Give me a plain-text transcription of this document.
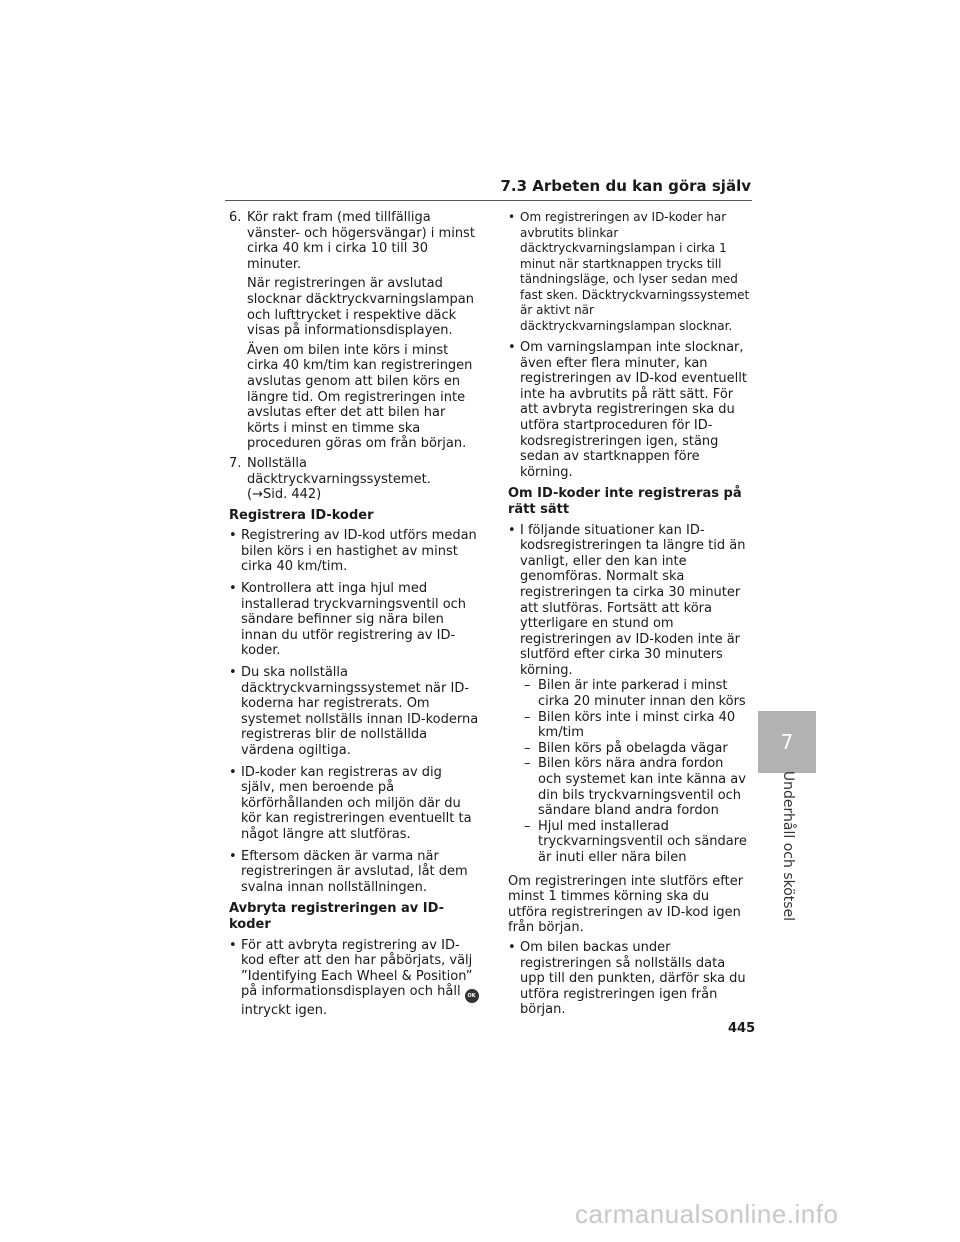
7.3 Arbeten du kan göra själv
6. Kör rakt fram (med tillfälliga vänster- och högersvängar) i minst cirka 40 km i cirka 10 till 30 minuter.

När registreringen är avslutad slocknar däcktryckvarningslampan och lufttrycket i respektive däck visas på informationsdisplayen.

Även om bilen inte körs i minst cirka 40 km/tim kan registreringen avslutas genom att bilen körs en längre tid. Om registreringen inte avslutas efter det att bilen har körts i minst en timme ska proceduren göras om från början.

7. Nollställa däcktryckvarningssystemet.
(→Sid. 442)
Registrera ID-koder
• Registrering av ID-kod utförs medan bilen körs i en hastighet av minst cirka 40 km/tim.
• Kontrollera att inga hjul med installerad tryckvarningsventil och sändare befinner sig nära bilen innan du utför registrering av ID-koder.
• Du ska nollställa däcktryckvarningssystemet när ID-koderna har registrerats. Om systemet nollställs innan ID-koderna registreras blir de nollställda värdena ogiltiga.
• ID-koder kan registreras av dig själv, men beroende på körförhållanden och miljön där du kör kan registreringen eventuellt ta något längre att slutföras.
• Eftersom däcken är varma när registreringen är avslutad, låt dem svalna innan nollställningen.
Avbryta registreringen av ID-koder
• För att avbryta registrering av ID-kod efter att den har påbörjats, välj ”Identifying Each Wheel & Position” på informationsdisplayen och håll OK intryckt igen.
• Om registreringen av ID-koder har avbrutits blinkar däcktryckvarningslampan i cirka 1 minut när startknappen trycks till tändningsläge, och lyser sedan med fast sken. Däcktryckvarningssystemet är aktivt när däcktryckvarningslampan slocknar.
• Om varningslampan inte slocknar, även efter flera minuter, kan registreringen av ID-kod eventuellt inte ha avbrutits på rätt sätt. För att avbryta registreringen ska du utföra startproceduren för ID-kodsregistreringen igen, stäng sedan av startknappen före körning.
Om ID-koder inte registreras på rätt sätt
• I följande situationer kan ID-kodsregistreringen ta längre tid än vanligt, eller den kan inte genomföras. Normalt ska registreringen ta cirka 30 minuter att slutföras. Fortsätt att köra ytterligare en stund om registreringen av ID-koden inte är slutförd efter cirka 30 minuters körning.
– Bilen är inte parkerad i minst cirka 20 minuter innan den körs
– Bilen körs inte i minst cirka 40 km/tim
– Bilen körs på obelagda vägar
– Bilen körs nära andra fordon och systemet kan inte känna av din bils tryckvarningsventil och sändare bland andra fordon
– Hjul med installerad tryckvarningsventil och sändare är inuti eller nära bilen

Om registreringen inte slutförs efter minst 1 timmes körning ska du utföra registreringen av ID-kod igen från början.

• Om bilen backas under registreringen så nollställs data upp till den punkten, därför ska du utföra registreringen igen från början.
7
Underhåll och skötsel
445
carmanualsonline.info
